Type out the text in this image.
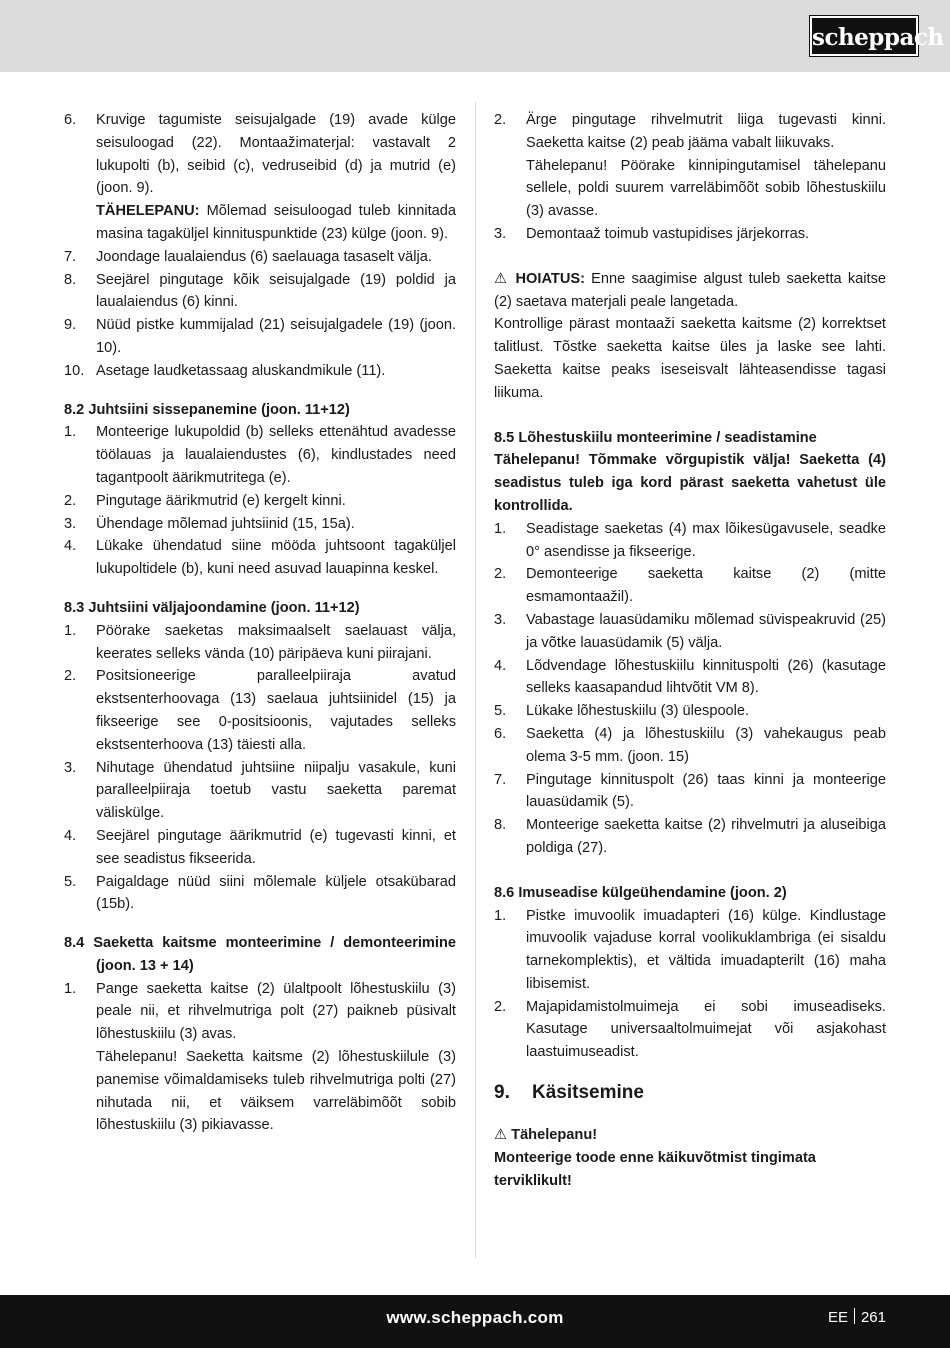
scheppach
6.	Kruvige tagumiste seisujalgade (19) avade külge seisuloogad (22). Montaažimaterjal: vastavalt 2 lukupolti (b), seibid (c), vedruseibid (d) ja mutrid (e) (joon. 9).
TÄHELEPANU: Mõlemad seisuloogad tuleb kinnitada masina tagaküljel kinnituspunktide (23) külge (joon. 9).
7.	Joondage laualaiendus (6) saelauaga tasaselt välja.
8.	Seejärel pingutage kõik seisujalgade (19) poldid ja laualaiendus (6) kinni.
9.	Nüüd pistke kummijalad (21) seisujalgadele (19) (joon. 10).
10. Asetage laudketassaag aluskandmikule (11).
8.2 Juhtsiini sissepanemine (joon. 11+12)
1.	Monteerige lukupoldid (b) selleks ettenähtud avadesse töölauas ja laualaiendustes (6), kindlustades need tagantpoolt äärikmutritega (e).
2.	Pingutage äärikmutrid (e) kergelt kinni.
3.	Ühendage mõlemad juhtsiinid (15, 15a).
4.	Lükake ühendatud siine mööda juhtsoont tagaküljel lukupoltidele (b), kuni need asuvad lauapinna keskel.
8.3 Juhtsiini väljajoondamine (joon. 11+12)
1.	Pöörake saeketas maksimaalselt saelauast välja, keerates selleks vända (10) päripäeva kuni piirajani.
2.	Positsioneerige paralleelpiiraja avatud ekstsenterhoovaga (13) saelaua juhtsiinidel (15) ja fikseerige see 0-positsioonis, vajutades selleks ekstsenterhoova (13) täiesti alla.
3.	Nihutage ühendatud juhtsiine niipalju vasakule, kuni paralleelpiiraja toetub vastu saeketta paremat väliskülge.
4.	Seejärel pingutage äärikmutrid (e) tugevasti kinni, et see seadistus fikseerida.
5.	Paigaldage nüüd siini mõlemale küljele otsakübarad (15b).
8.4 Saeketta kaitsme monteerimine / demonteerimine (joon. 13 + 14)
1.	Pange saeketta kaitse (2) ülaltpoolt lõhestuskiilu (3) peale nii, et rihvelmutriga polt (27) paikneb püsivalt lõhestuskiilu (3) avas.
Tähelepanu! Saeketta kaitsme (2) lõhestuskiilule (3) panemise võimaldamiseks tuleb rihvelmutriga polti (27) nihutada nii, et väiksem varreläbimõõt sobib lõhestuskiilu (3) pikiavasse.
2.	Ärge pingutage rihvelmutrit liiga tugevasti kinni. Saeketta kaitse (2) peab jääma vabalt liikuvaks.
Tähelepanu! Pöörake kinnipingutamisel tähelepanu sellele, poldi suurem varreläbimõõt sobib lõhestuskiilu (3) avasse.
3.	Demontaaž toimub vastupidises järjekorras.
⚠ HOIATUS: Enne saagimise algust tuleb saeketta kaitse (2) saetava materjali peale langetada.
Kontrollige pärast montaaži saeketta kaitsme (2) korrektset talitlust. Tõstke saeketta kaitse üles ja laske see lahti. Saeketta kaitse peaks iseseisvalt lähteasendisse tagasi liikuma.
8.5 Lõhestuskiilu monteerimine / seadistamine
Tähelepanu! Tõmmake võrgupistik välja! Saeketta (4) seadistus tuleb iga kord pärast saeketta vahetust üle kontrollida.
1.	Seadistage saeketas (4) max lõikesügavusele, seadke 0° asendisse ja fikseerige.
2.	Demonteerige saeketta kaitse (2) (mitte esmamontaažil).
3.	Vabastage lauasüdamiku mõlemad süvispeakruvid (25) ja võtke lauasüdamik (5) välja.
4.	Lõdvendage lõhestuskiilu kinnituspolti (26) (kasutage selleks kaasapandud lihtvõtit VM 8).
5.	Lükake lõhestuskiilu (3) ülespoole.
6.	Saeketta (4) ja lõhestuskiilu (3) vahekaugus peab olema 3-5 mm. (joon. 15)
7.	Pingutage kinnituspolt (26) taas kinni ja monteerige lauasüdamik (5).
8.	Monteerige saeketta kaitse (2) rihvelmutri ja aluseibiga poldiga (27).
8.6 Imuseadise külgeühendamine (joon. 2)
1.	Pistke imuvoolik imuadapteri (16) külge. Kindlustage imuvoolik vajaduse korral voolikuklambriga (ei sisaldu tarnekomplektis), et vältida imuadapterilt (16) maha libisemist.
2.	Majapidamistolmuimeja ei sobi imuseadiseks. Kasutage universaaltolmuimejat või asjakohast laastuimuseadist.
9.	Käsitsemine
⚠ Tähelepanu!
Monteerige toode enne käikuvõtmist tingimata terviklikult!
www.scheppach.com	EE 261
